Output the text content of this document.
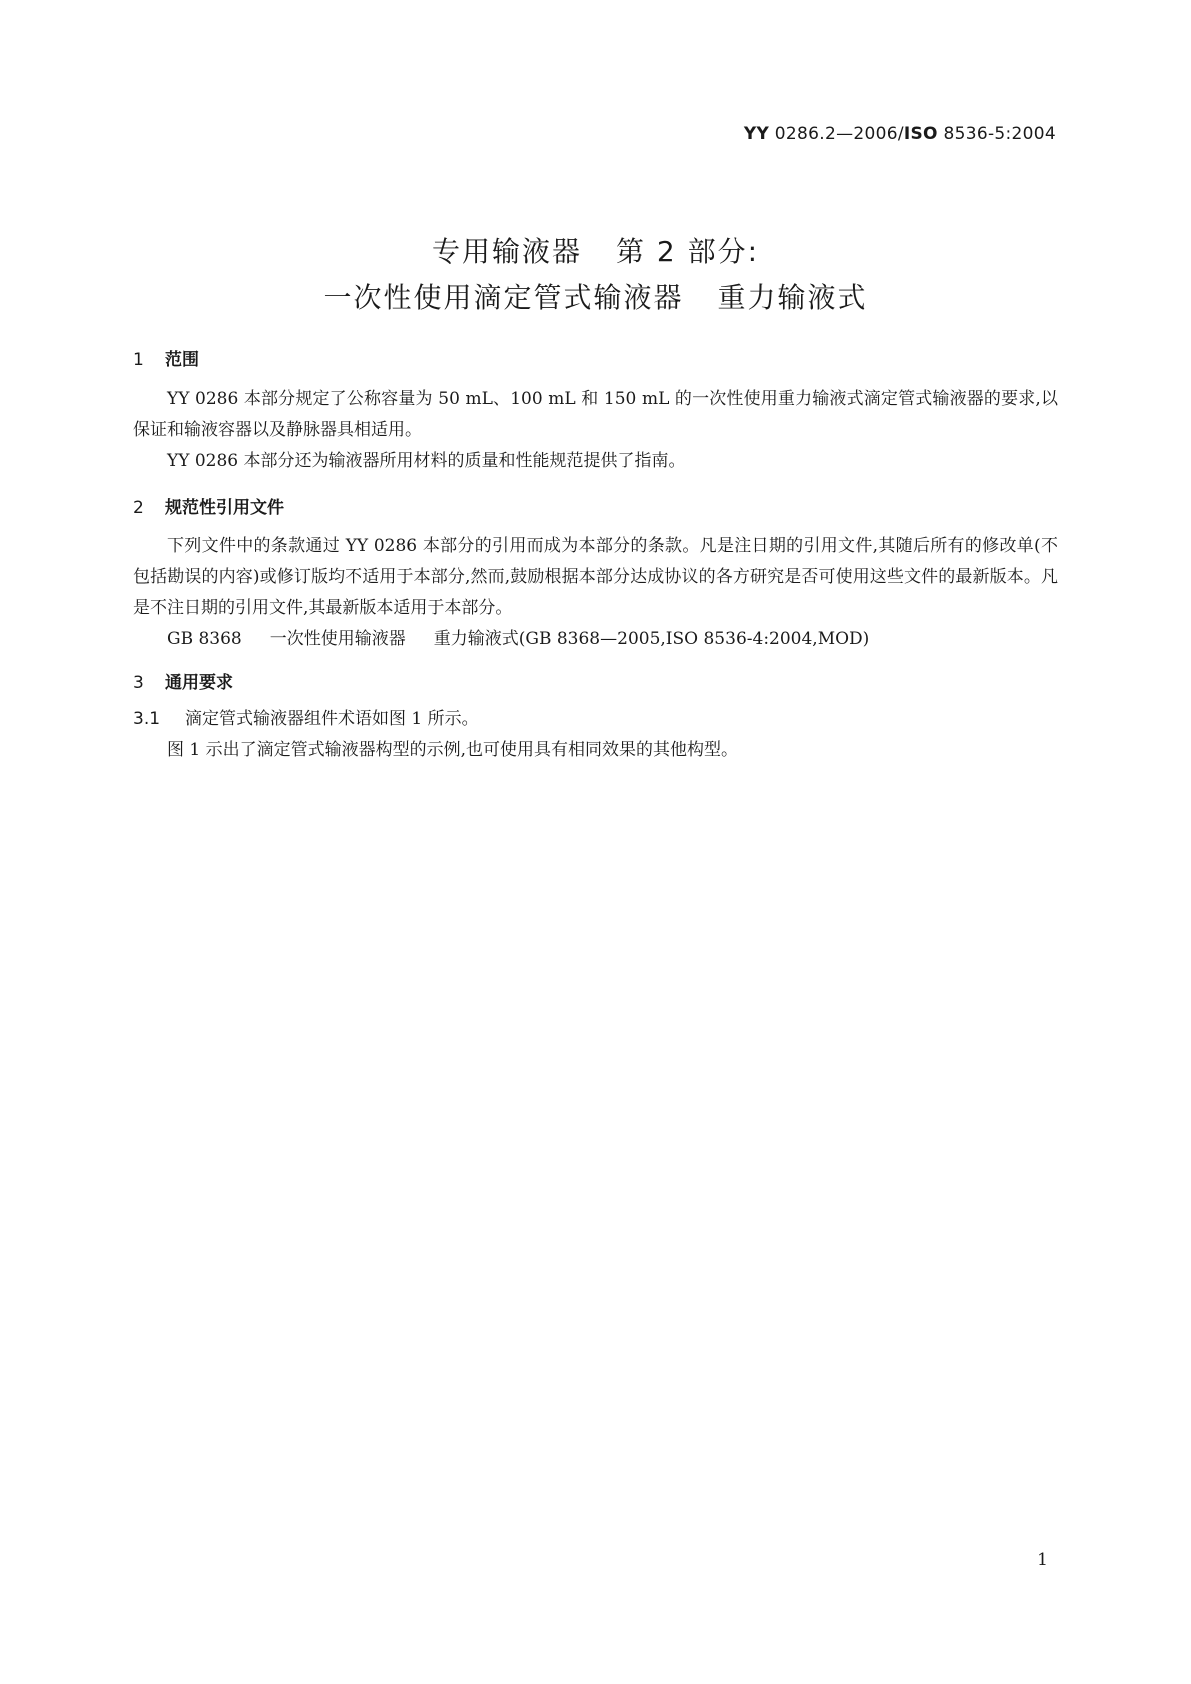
YY 0286.2—2006/ISO 8536-5:2004
专用输液器 第 2 部分:
一次性使用滴定管式输液器 重力输液式
1 范围

YY 0286 本部分规定了公称容量为 50 mL、100 mL 和 150 mL 的一次性使用重力输液式滴定管式输液器的要求,以保证和输液容器以及静脉器具相适用。

YY 0286 本部分还为输液器所用材料的质量和性能规范提供了指南。

2 规范性引用文件

下列文件中的条款通过 YY 0286 本部分的引用而成为本部分的条款。凡是注日期的引用文件,其随后所有的修改单(不包括勘误的内容)或修订版均不适用于本部分,然而,鼓励根据本部分达成协议的各方研究是否可使用这些文件的最新版本。凡是不注日期的引用文件,其最新版本适用于本部分。

GB 8368 一次性使用输液器 重力输液式(GB 8368—2005,ISO 8536-4:2004,MOD)

3 通用要求

3.1 滴定管式输液器组件术语如图 1 所示。

图 1 示出了滴定管式输液器构型的示例,也可使用具有相同效果的其他构型。

1
